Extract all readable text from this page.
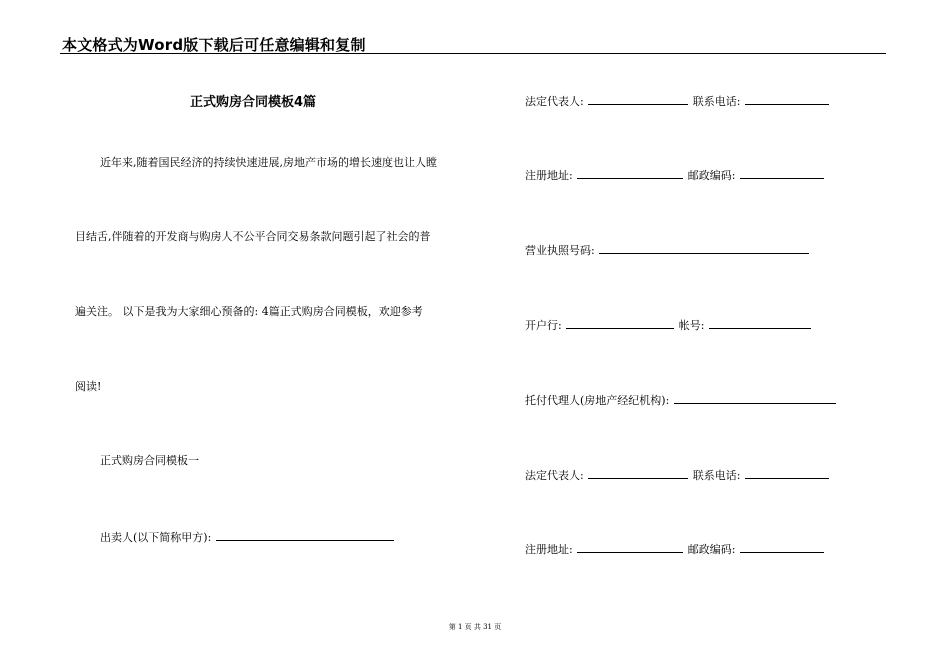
本文格式为Word版下载后可任意编辑和复制
正式购房合同模板4篇
近年来,随着国民经济的持续快速进展,房地产市场的增长速度也让人瞠
目结舌,伴随着的开发商与购房人不公平合同交易条款问题引起了社会的普
遍关注。 以下是我为大家细心预备的: 4篇正式购房合同模板，欢迎参考
阅读!
正式购房合同模板一
出卖人(以下简称甲方):
法定代表人:	联系电话:
注册地址:	邮政编码:
营业执照号码:
开户行:	帐号:
托付代理人(房地产经纪机构):
法定代表人:	联系电话:
注册地址:	邮政编码:
第 1 页 共 31 页
